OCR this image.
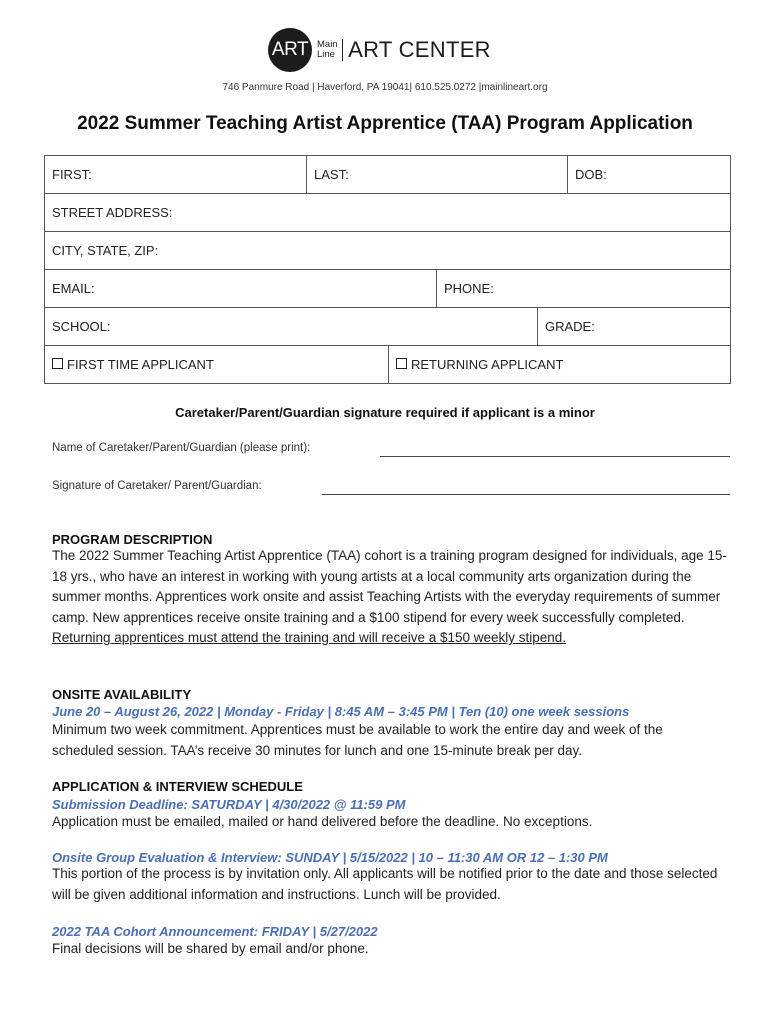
ART Main
Line ART CENTER
746 Panmure Road | Haverford, PA 19041| 610.525.0272 |mainlineart.org
2022 Summer Teaching Artist Apprentice (TAA) Program Application
FIRST:	LAST:	DOB:

STREET ADDRESS:
CITY, STATE, ZIP:

EMAIL:	PHONE:

SCHOOL:	GRADE:

FIRST TIME APPLICANT	RETURNING APPLICANT
Caretaker/Parent/Guardian signature required if applicant is a minor
Name of Caretaker/Parent/Guardian (please print):
Signature of Caretaker/ Parent/Guardian:
PROGRAM DESCRIPTION
The 2022 Summer Teaching Artist Apprentice (TAA) cohort is a training program designed for individuals, age 15-18 yrs., who have an interest in working with young artists at a local community arts organization during the summer months. Apprentices work onsite and assist Teaching Artists with the everyday requirements of summer camp. New apprentices receive onsite training and a $100 stipend for every week successfully completed. Returning apprentices must attend the training and will receive a $150 weekly stipend.
ONSITE AVAILABILITY
June 20 – August 26, 2022 | Monday - Friday | 8:45 AM – 3:45 PM | Ten (10) one week sessions
Minimum two week commitment. Apprentices must be available to work the entire day and week of the scheduled session. TAA’s receive 30 minutes for lunch and one 15-minute break per day.
APPLICATION & INTERVIEW SCHEDULE
Submission Deadline: SATURDAY | 4/30/2022 @ 11:59 PM
Application must be emailed, mailed or hand delivered before the deadline. No exceptions.
Onsite Group Evaluation & Interview: SUNDAY | 5/15/2022 | 10 – 11:30 AM OR 12 – 1:30 PM
This portion of the process is by invitation only. All applicants will be notified prior to the date and those selected will be given additional information and instructions. Lunch will be provided.
2022 TAA Cohort Announcement: FRIDAY | 5/27/2022
Final decisions will be shared by email and/or phone.
